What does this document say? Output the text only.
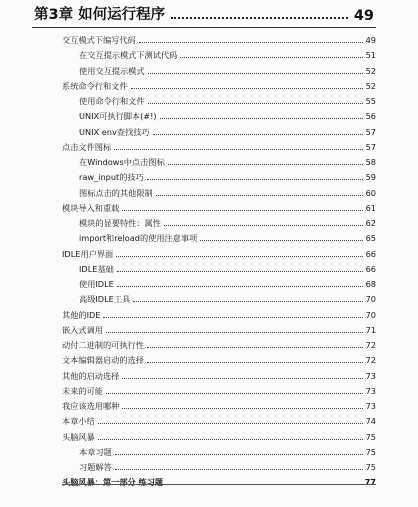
第3章 如何运行程序	49
交互模式下编写代码	49
在交互提示模式下测试代码	51
使用交互提示模式	52
系统命令行和文件	52
使用命令行和文件	55
UNIX可执行脚本(#!)	56
UNIX env查找技巧	57
点击文件图标	57
在Windows中点击图标	58
raw_input的技巧	59
图标点击的其他限制	60
模块导入和重载	61
模块的显要特性：属性	62
import和reload的使用注意事项	65
IDLE用户界面	66
IDLE基础	66
使用IDLE	68
高级IDLE工具	70
其他的IDE	70
嵌入式调用	71
动付二进制的可执行性	72
文本编辑器启动的选择	72
其他的启动选择	73
未来的可能	73
我应该选用哪种	73
本章小结	74
头脑风暴	75
本章习题	75
习题解答	75
头脑风暴：第一部分 练习题	77
